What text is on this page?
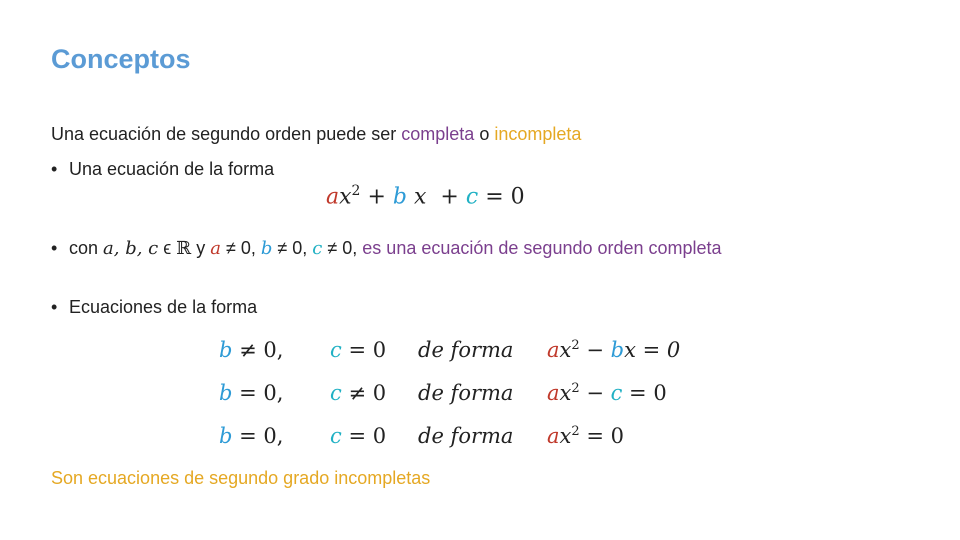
Conceptos
Una ecuación de segundo orden puede ser completa o incompleta
• Una ecuación de la forma
$ax^2 + b$ x + c = 0
• con a, b, c ϵ ℝ y a ≠ 0, b ≠ 0, c ≠ 0, es una ecuación de segundo orden completa
• Ecuaciones de la forma
b ≠ 0, c = 0 de forma $ax^2$ − bx = 0
b = 0, c ≠ 0 de forma $ax^2 - c = 0$
b = 0, c = 0 de forma $ax^2 = 0$
Son ecuaciones de segundo grado incompletas
